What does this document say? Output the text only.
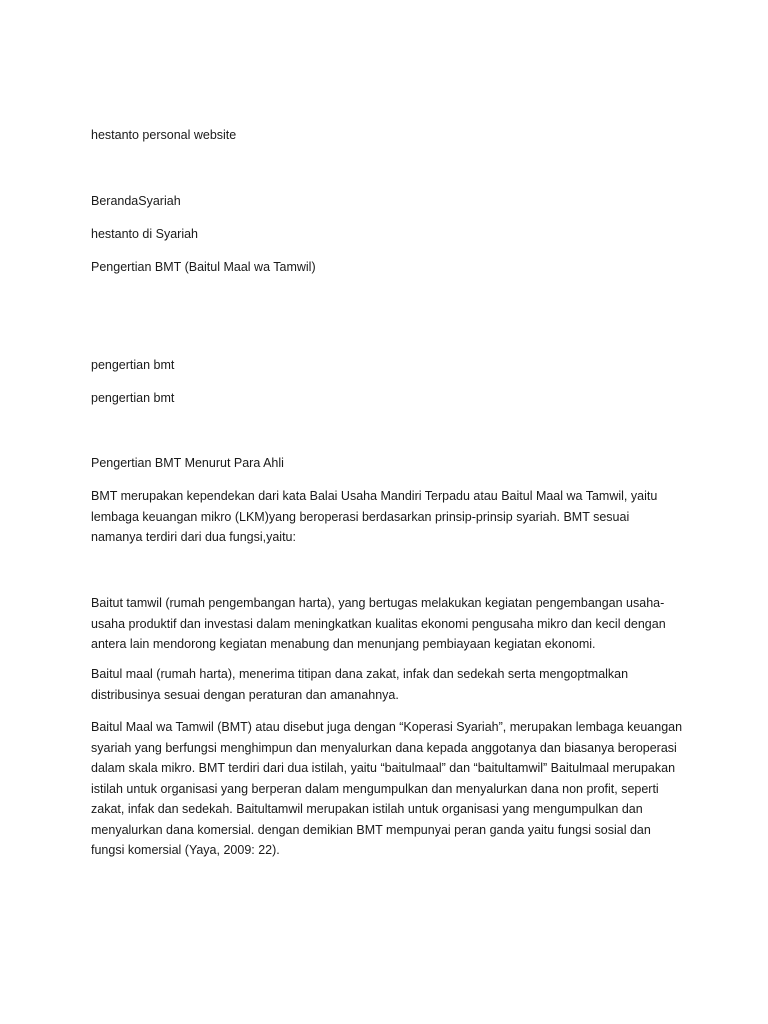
hestanto personal website
BerandaSyariah
hestanto di Syariah
Pengertian BMT (Baitul Maal wa Tamwil)
pengertian bmt
pengertian bmt
Pengertian BMT Menurut Para Ahli
BMT merupakan kependekan dari kata Balai Usaha Mandiri Terpadu atau Baitul Maal wa Tamwil, yaitu lembaga keuangan mikro (LKM)yang beroperasi berdasarkan prinsip-prinsip syariah. BMT sesuai namanya terdiri dari dua fungsi,yaitu:
Baitut tamwil (rumah pengembangan harta), yang bertugas melakukan kegiatan pengembangan usaha-usaha produktif dan investasi dalam meningkatkan kualitas ekonomi pengusaha mikro dan kecil dengan antera lain mendorong kegiatan menabung dan menunjang pembiayaan kegiatan ekonomi.
Baitul maal (rumah harta), menerima titipan dana zakat, infak dan sedekah serta mengoptmalkan distribusinya sesuai dengan peraturan dan amanahnya.
Baitul Maal wa Tamwil (BMT) atau disebut juga dengan “Koperasi Syariah”, merupakan lembaga keuangan syariah yang berfungsi menghimpun dan menyalurkan dana kepada anggotanya dan biasanya beroperasi dalam skala mikro. BMT terdiri dari dua istilah, yaitu “baitulmaal” dan “baitultamwil” Baitulmaal merupakan istilah untuk organisasi yang berperan dalam mengumpulkan dan menyalurkan dana non profit, seperti zakat, infak dan sedekah. Baitultamwil merupakan istilah untuk organisasi yang mengumpulkan dan menyalurkan dana komersial. dengan demikian BMT mempunyai peran ganda yaitu fungsi sosial dan fungsi komersial (Yaya, 2009: 22).
